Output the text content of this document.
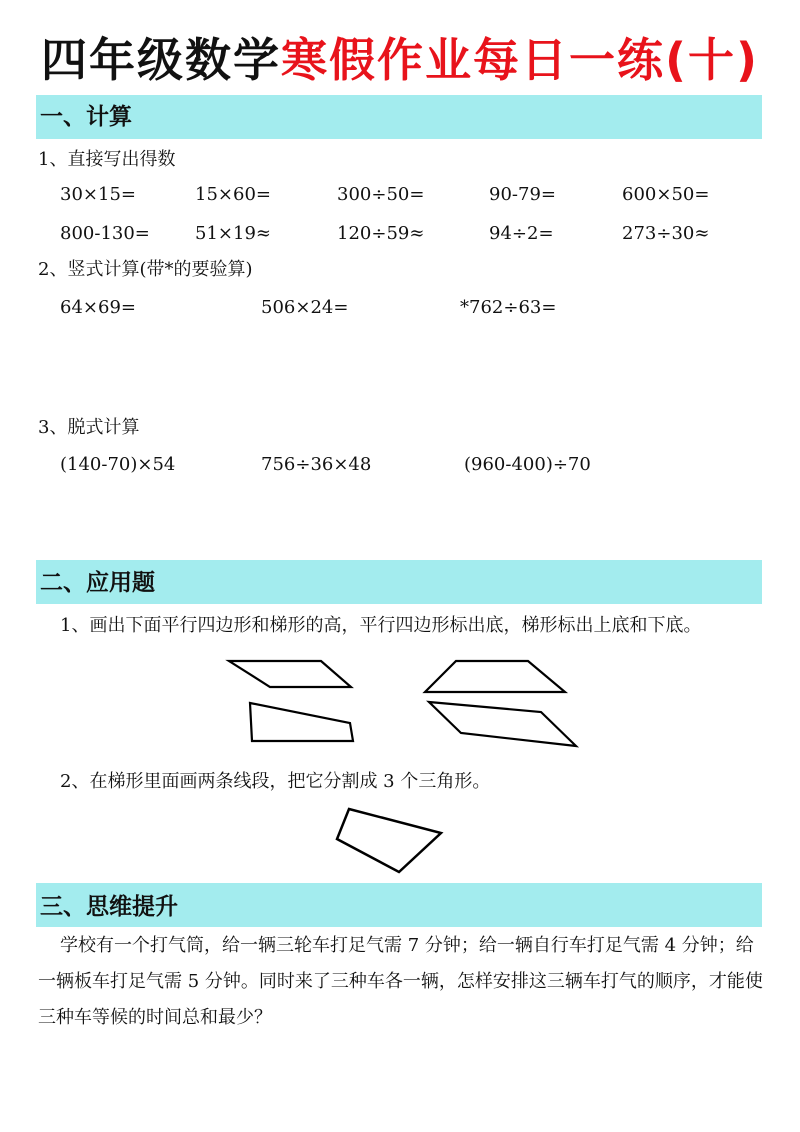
四年级数学寒假作业每日一练(十)
一、计算
1、直接写出得数
30×15=	15×60=	300÷50=	90-79=	600×50=
800-130=	51×19≈	120÷59≈	94÷2=	273÷30≈
2、竖式计算(带*的要验算)
64×69=	506×24=	*762÷63=
3、脱式计算
(140-70)×54	756÷36×48	(960-400)÷70
二、应用题
1、画出下面平行四边形和梯形的高，平行四边形标出底，梯形标出上底和下底。
2、在梯形里面画两条线段，把它分割成 3 个三角形。
三、思维提升
学校有一个打气筒，给一辆三轮车打足气需 7 分钟；给一辆自行车打足气需 4 分钟；给一辆板车打足气需 5 分钟。同时来了三种车各一辆，怎样安排这三辆车打气的顺序，才能使三种车等候的时间总和最少？
